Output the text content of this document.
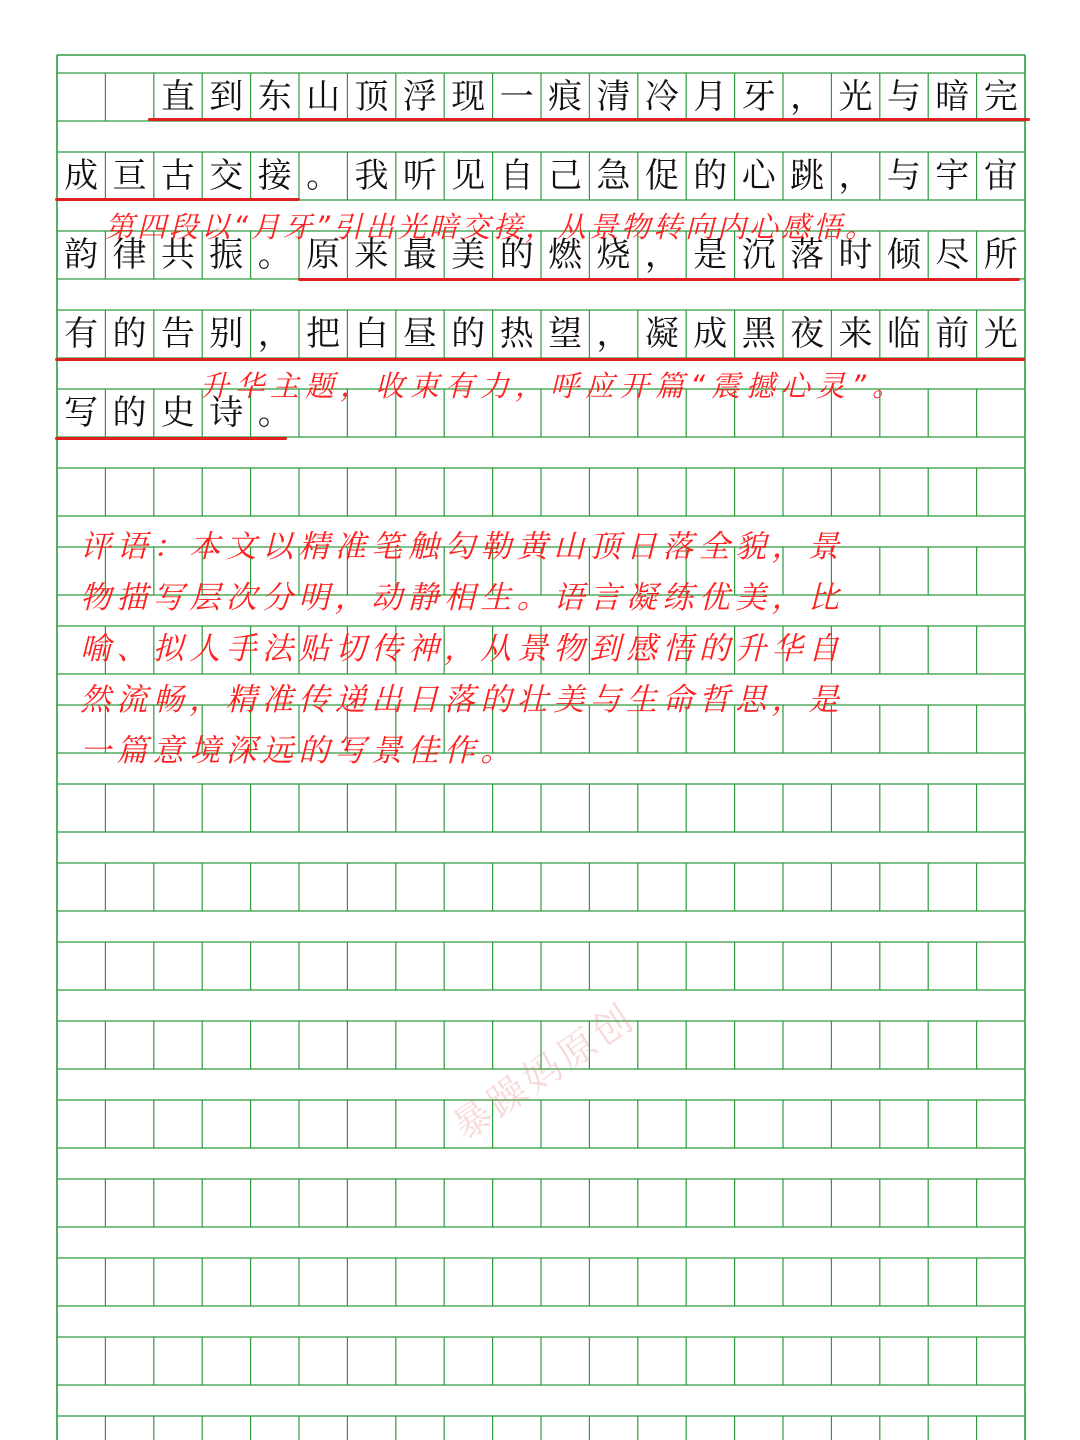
直 到 东 山 顶 浮 现 一 痕 清 冷 月 牙 ， 光 与 暗 完
成 亘 古 交 接 。 我 听 见 自 己 急 促 的 心 跳 ， 与 宇 宙
韵 律 共 振 。 原 来 最 美 的 燃 烧 ， 是 沉 落 时 倾 尽 所
有 的 告 别 ， 把 白 昼 的 热 望 ， 凝 成 黑 夜 来 临 前 光
写 的 史 诗 。
第四段以“月牙”引出光暗交接，从景物转向内心感悟。
升华主题，收束有力，呼应开篇“震撼心灵”。
评语：本文以精准笔触勾勒黄山顶日落全貌，景
物描写层次分明，动静相生。语言凝练优美，比
喻、拟人手法贴切传神，从景物到感悟的升华自
然流畅，精准传递出日落的壮美与生命哲思，是
一篇意境深远的写景佳作。
暴躁妈原创
